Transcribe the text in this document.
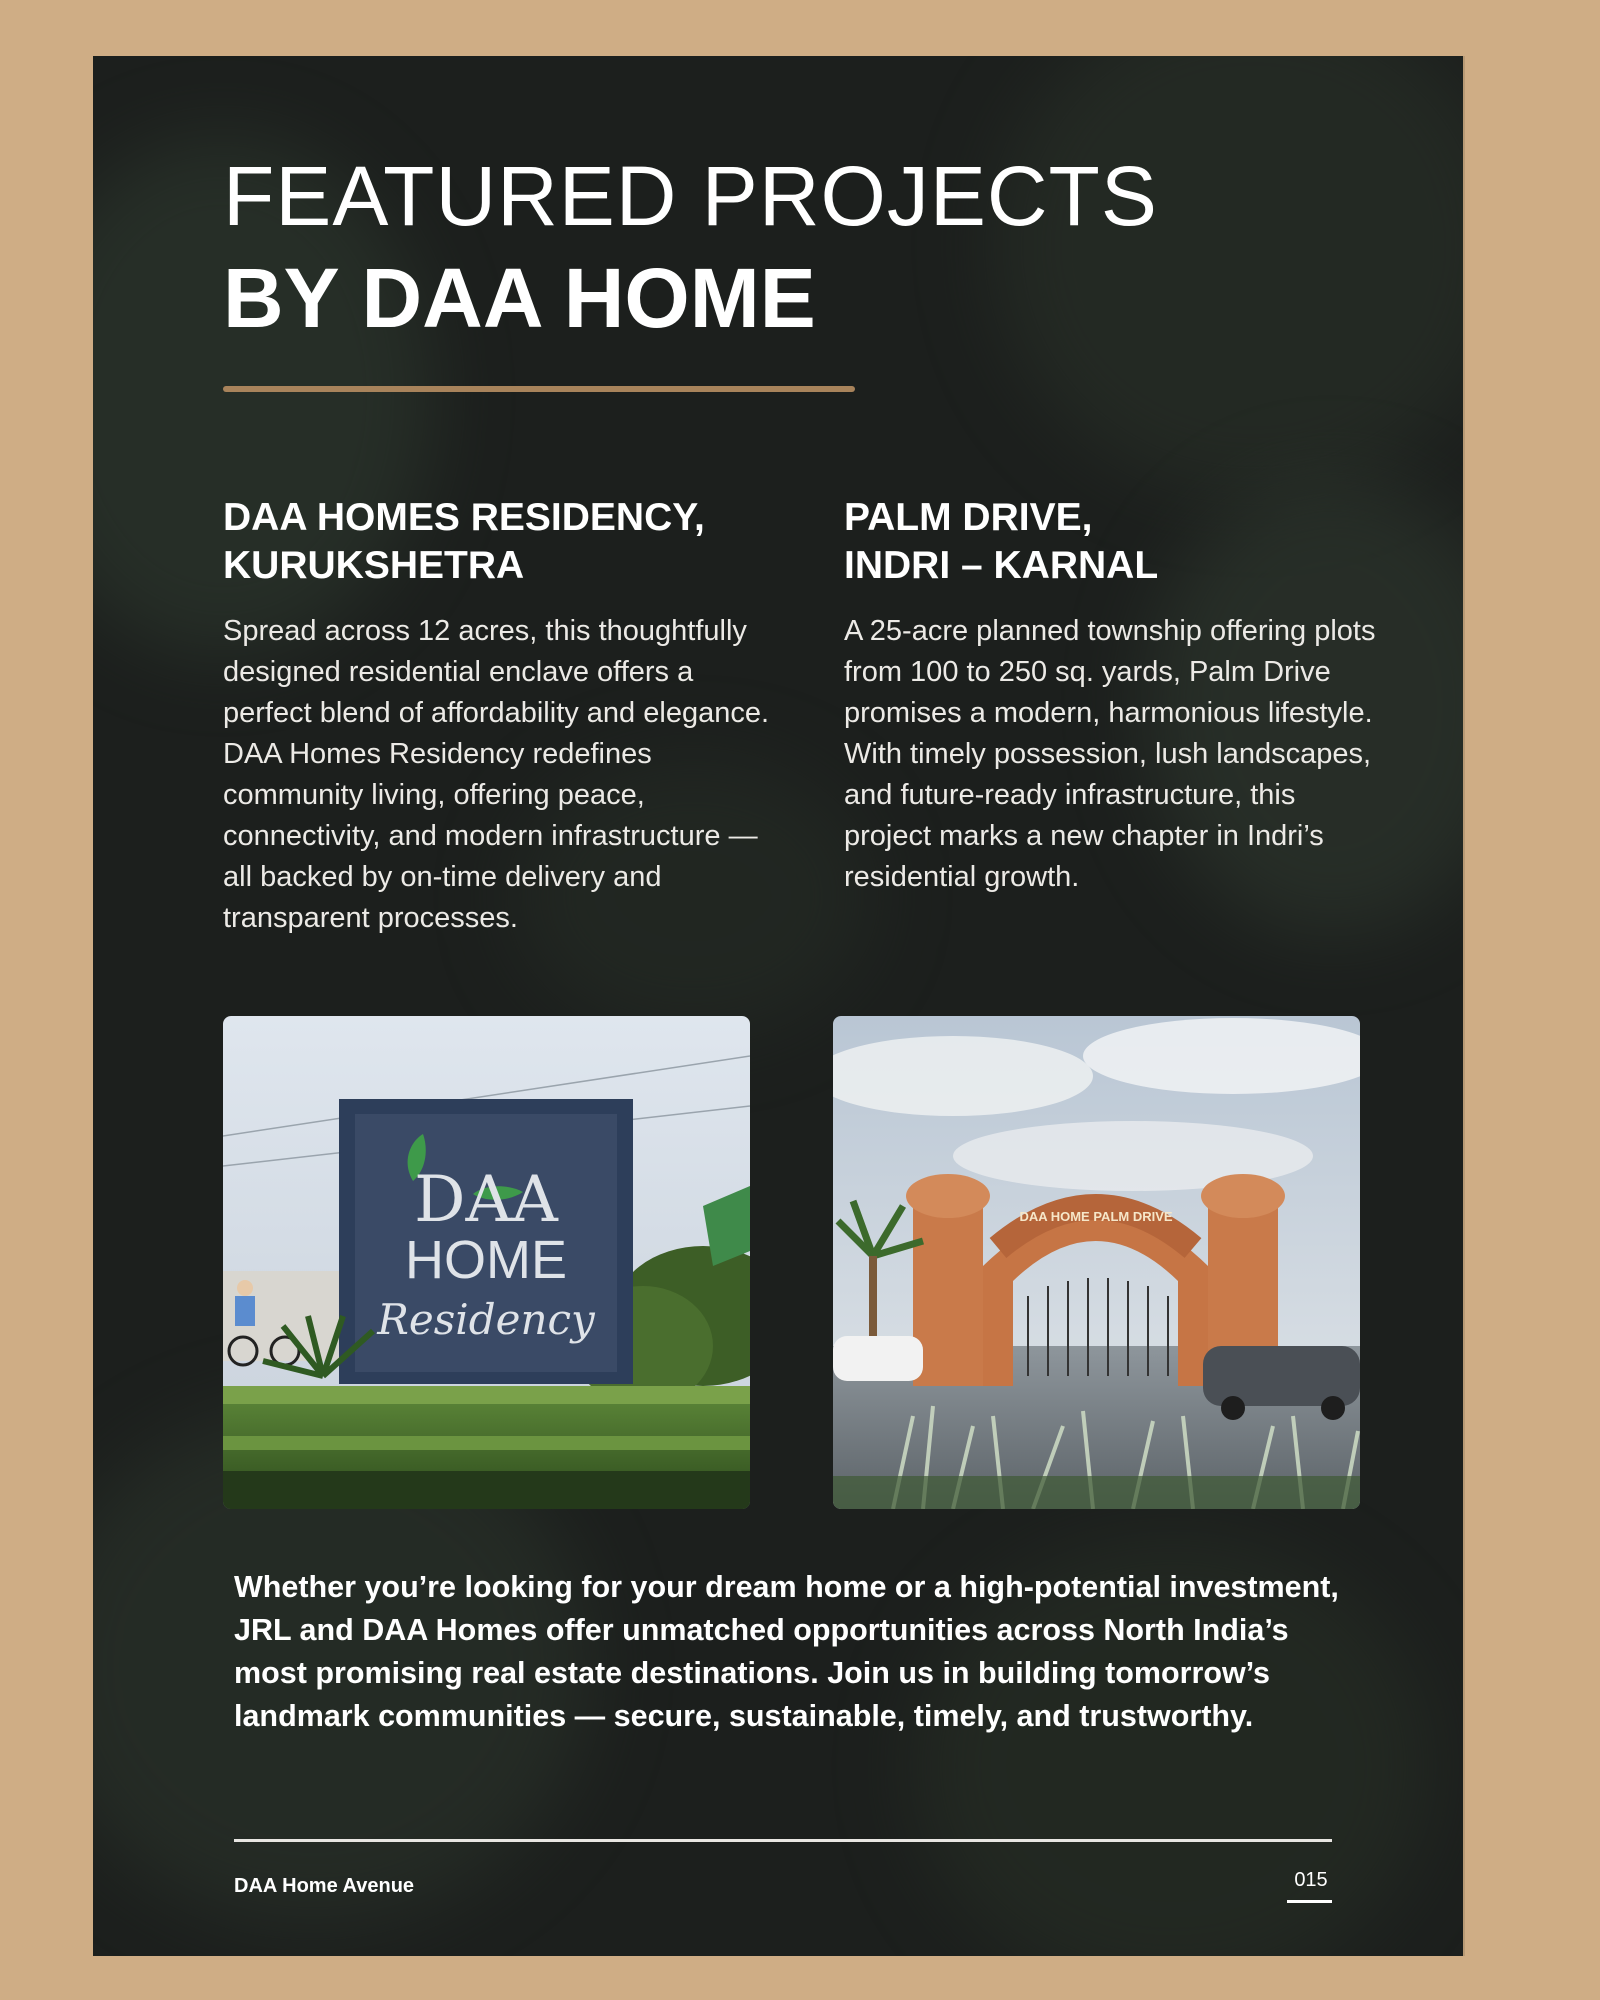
FEATURED PROJECTS
BY DAA HOME
DAA HOMES RESIDENCY,
KURUKSHETRA
Spread across 12 acres, this thoughtfully designed residential enclave offers a perfect blend of affordability and elegance. DAA Homes Residency redefines community living, offering peace, connectivity, and modern infrastructure — all backed by on-time delivery and transparent processes.
PALM DRIVE,
INDRI – KARNAL
A 25-acre planned township offering plots from 100 to 250 sq. yards, Palm Drive promises a modern, harmonious lifestyle. With timely possession, lush landscapes, and future-ready infrastructure, this project marks a new chapter in Indri’s residential growth.
DAA
HOME
Residency
DAA HOME PALM DRIVE
Whether you’re looking for your dream home or a high-potential investment, JRL and DAA Homes offer unmatched opportunities across North India’s most promising real estate destinations. Join us in building tomorrow’s landmark communities — secure, sustainable, timely, and trustworthy.
DAA Home Avenue	015
